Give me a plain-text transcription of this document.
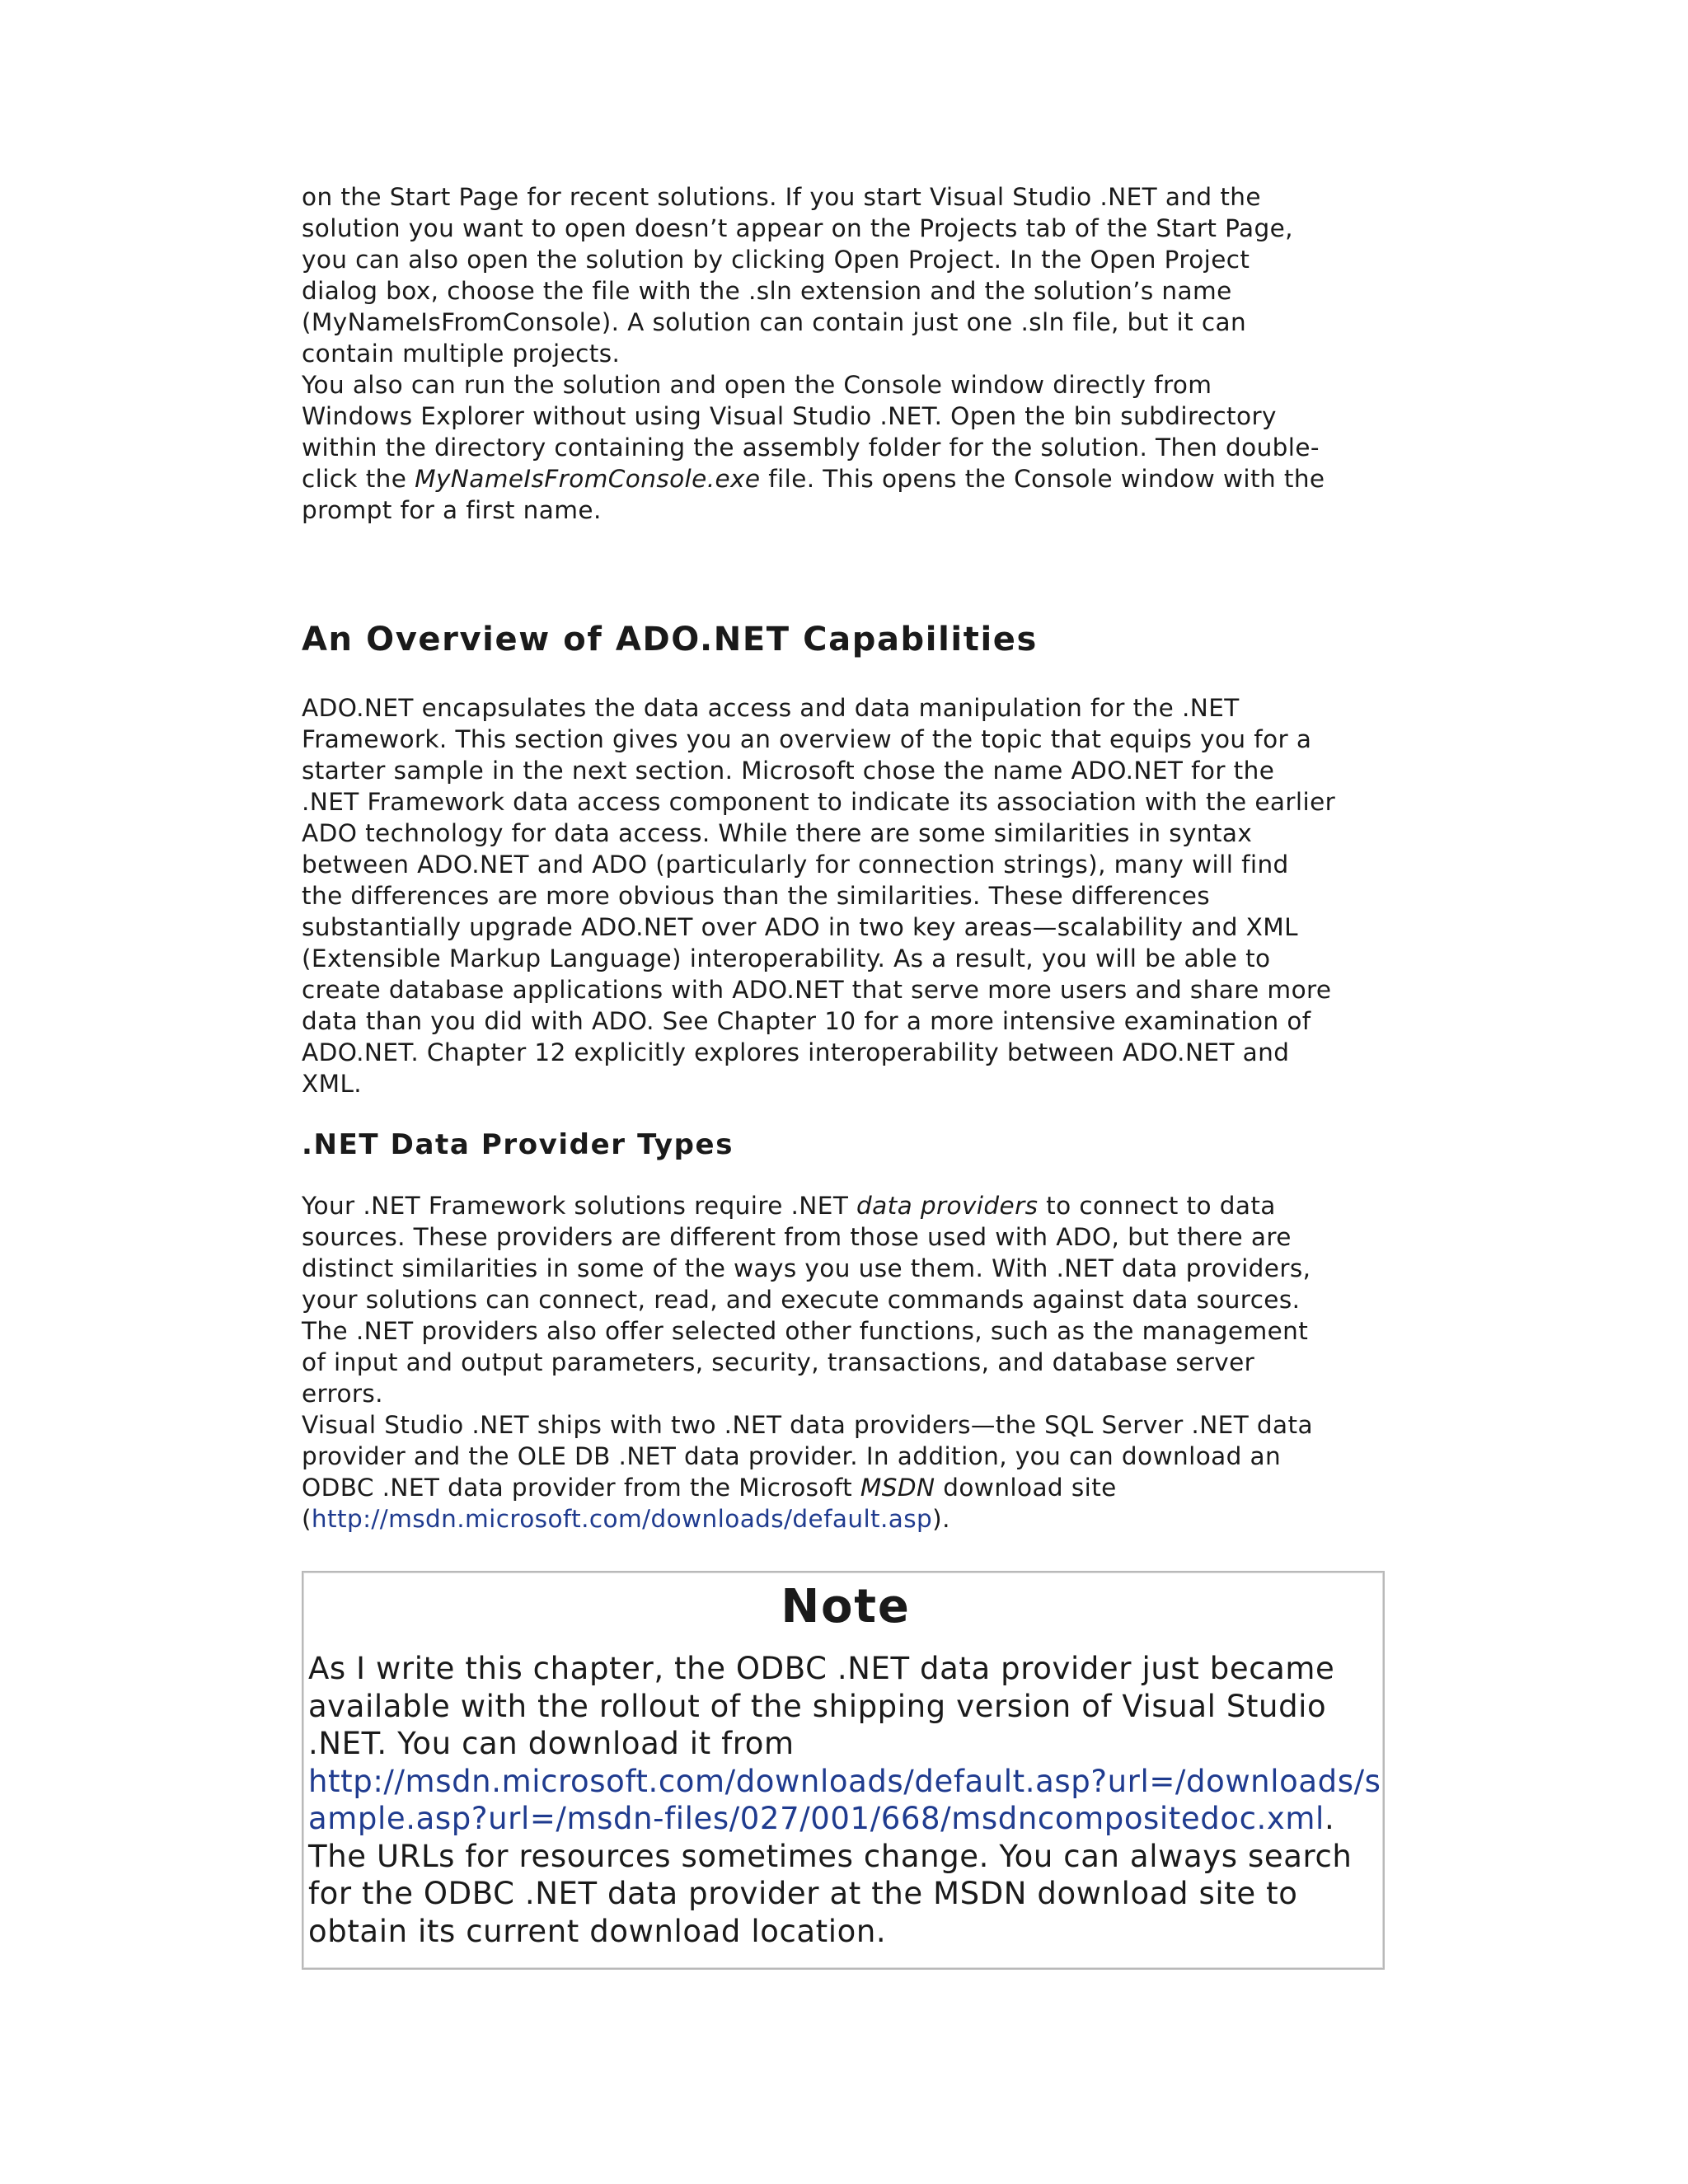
on the Start Page for recent solutions. If you start Visual Studio .NET and the
solution you want to open doesn’t appear on the Projects tab of the Start Page,
you can also open the solution by clicking Open Project. In the Open Project
dialog box, choose the file with the .sln extension and the solution’s name
(MyNameIsFromConsole). A solution can contain just one .sln file, but it can
contain multiple projects.

You also can run the solution and open the Console window directly from
Windows Explorer without using Visual Studio .NET. Open the bin subdirectory
within the directory containing the assembly folder for the solution. Then double-
click the MyNameIsFromConsole.exe file. This opens the Console window with the
prompt for a first name.

An Overview of ADO.NET Capabilities

ADO.NET encapsulates the data access and data manipulation for the .NET
Framework. This section gives you an overview of the topic that equips you for a
starter sample in the next section. Microsoft chose the name ADO.NET for the
.NET Framework data access component to indicate its association with the earlier
ADO technology for data access. While there are some similarities in syntax
between ADO.NET and ADO (particularly for connection strings), many will find
the differences are more obvious than the similarities. These differences
substantially upgrade ADO.NET over ADO in two key areas—scalability and XML
(Extensible Markup Language) interoperability. As a result, you will be able to
create database applications with ADO.NET that serve more users and share more
data than you did with ADO. See Chapter 10 for a more intensive examination of
ADO.NET. Chapter 12 explicitly explores interoperability between ADO.NET and
XML.

.NET Data Provider Types

Your .NET Framework solutions require .NET data providers to connect to data
sources. These providers are different from those used with ADO, but there are
distinct similarities in some of the ways you use them. With .NET data providers,
your solutions can connect, read, and execute commands against data sources.
The .NET providers also offer selected other functions, such as the management
of input and output parameters, security, transactions, and database server
errors.

Visual Studio .NET ships with two .NET data providers—the SQL Server .NET data
provider and the OLE DB .NET data provider. In addition, you can download an
ODBC .NET data provider from the Microsoft MSDN download site
(http://msdn.microsoft.com/downloads/default.asp).

Note
As I write this chapter, the ODBC .NET data provider just became
available with the rollout of the shipping version of Visual Studio
.NET. You can download it from
http://msdn.microsoft.com/downloads/default.asp?url=/downloads/s
ample.asp?url=/msdn-files/027/001/668/msdncompositedoc.xml.
The URLs for resources sometimes change. You can always search
for the ODBC .NET data provider at the MSDN download site to
obtain its current download location.
